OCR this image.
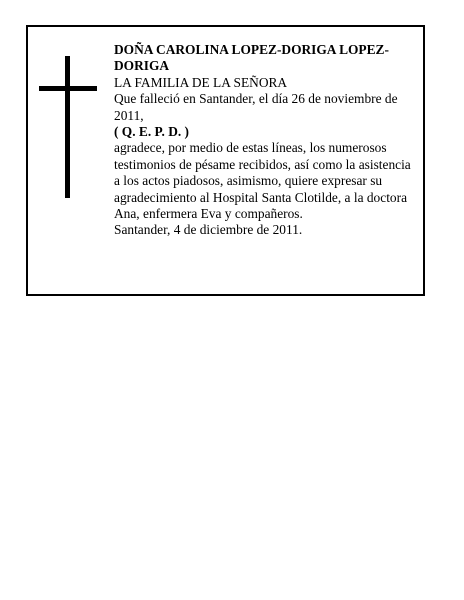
DOÑA CAROLINA LOPEZ-DORIGA LOPEZ-DORIGA

LA FAMILIA DE LA SEÑORA

Que falleció en Santander, el día 26 de noviembre de 2011,

( Q. E. P. D. )

agradece, por medio de estas líneas, los numerosos testimonios de pésame recibidos, así como la asistencia a los actos piadosos, asimismo, quiere expresar su agradecimiento al Hospital Santa Clotilde, a la doctora Ana, enfermera Eva y compañeros.

Santander, 4 de diciembre de 2011.
